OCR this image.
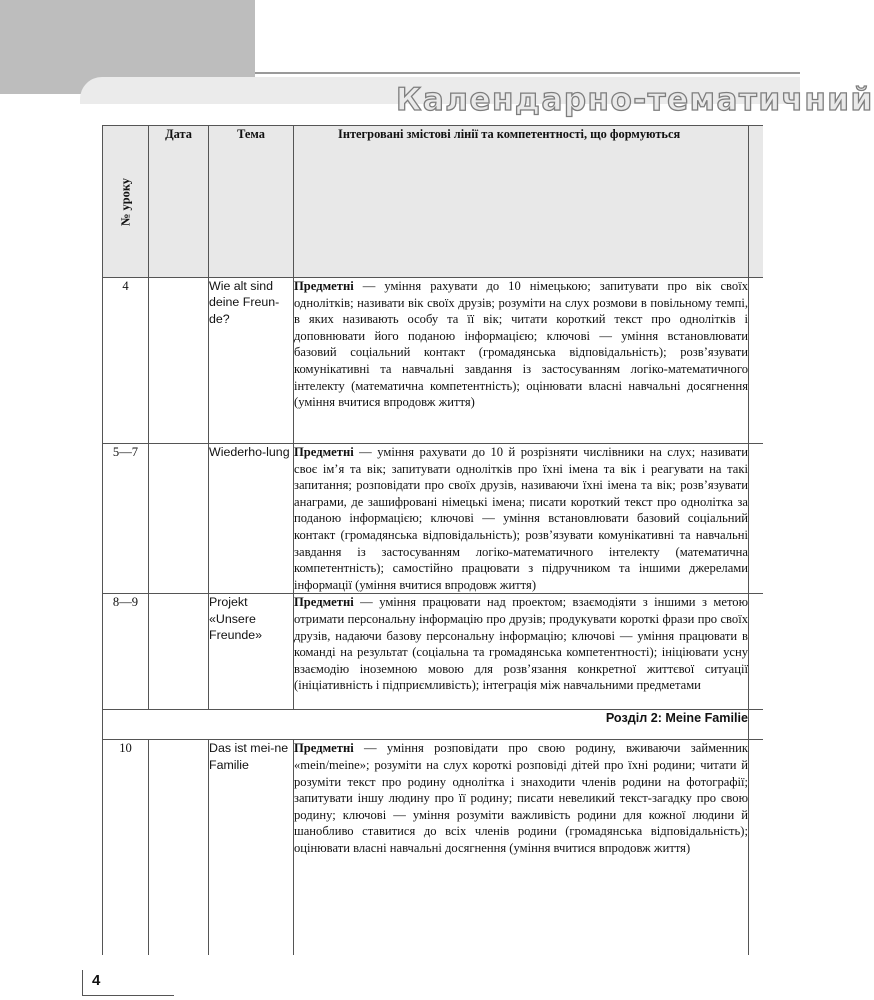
Календарно-тематичний
№ уроку	Дата	Тема	Інтегровані змістові лінії та компетентності, що формуються	
4		Wie alt sind deine Freun-de?	Предметні — уміння рахувати до 10 німецькою; запитувати про вік своїх однолітків; називати вік своїх друзів; розуміти на слух розмови в повільному темпі, в яких називають особу та її вік; читати короткий текст про однолітків і доповнювати його поданою інформацією; ключові — уміння встановлювати базовий соціальний контакт (громадянська відповідальність); розв’язувати комунікативні та навчальні завдання із застосуванням логіко-математичного інтелекту (математична компетентність); оцінювати власні навчальні досягнення (уміння вчитися впродовж життя)	
5—7		Wiederho-lung	Предметні — уміння рахувати до 10 й розрізняти числівники на слух; називати своє ім’я та вік; запитувати однолітків про їхні імена та вік і реагувати на такі запитання; розповідати про своїх друзів, називаючи їхні імена та вік; розв’язувати анаграми, де зашифровані німецькі імена; писати короткий текст про однолітка за поданою інформацією; ключові — уміння встановлювати базовий соціальний контакт (громадянська відповідальність); розв’язувати комунікативні та навчальні завдання із застосуванням логіко-математичного інтелекту (математична компетентність); самостійно працювати з підручником та іншими джерелами інформації (уміння вчитися впродовж життя)	
8—9		Projekt «Unsere Freunde»	Предметні — уміння працювати над проектом; взаємодіяти з іншими з метою отримати персональну інформацію про друзів; продукувати короткі фрази про своїх друзів, надаючи базову персональну інформацію; ключові — уміння працювати в команді на результат (соціальна та громадянська компетентності); ініціювати усну взаємодію іноземною мовою для розв’язання конкретної життєвої ситуації (ініціативність і підприємливість); інтеграція між навчальними предметами	
Розділ 2: Meine Familie				
10		Das ist mei-ne Familie	Предметні — уміння розповідати про свою родину, вживаючи займенник «mein/meine»; розуміти на слух короткі розповіді дітей про їхні родини; читати й розуміти текст про родину однолітка і знаходити членів родини на фотографії; запитувати іншу людину про її родину; писати невеликий текст-загадку про свою родину; ключові — уміння розуміти важливість родини для кожної людини й шанобливо ставитися до всіх членів родини (громадянська відповідальність); оцінювати власні навчальні досягнення (уміння вчитися впродовж життя)	
4
